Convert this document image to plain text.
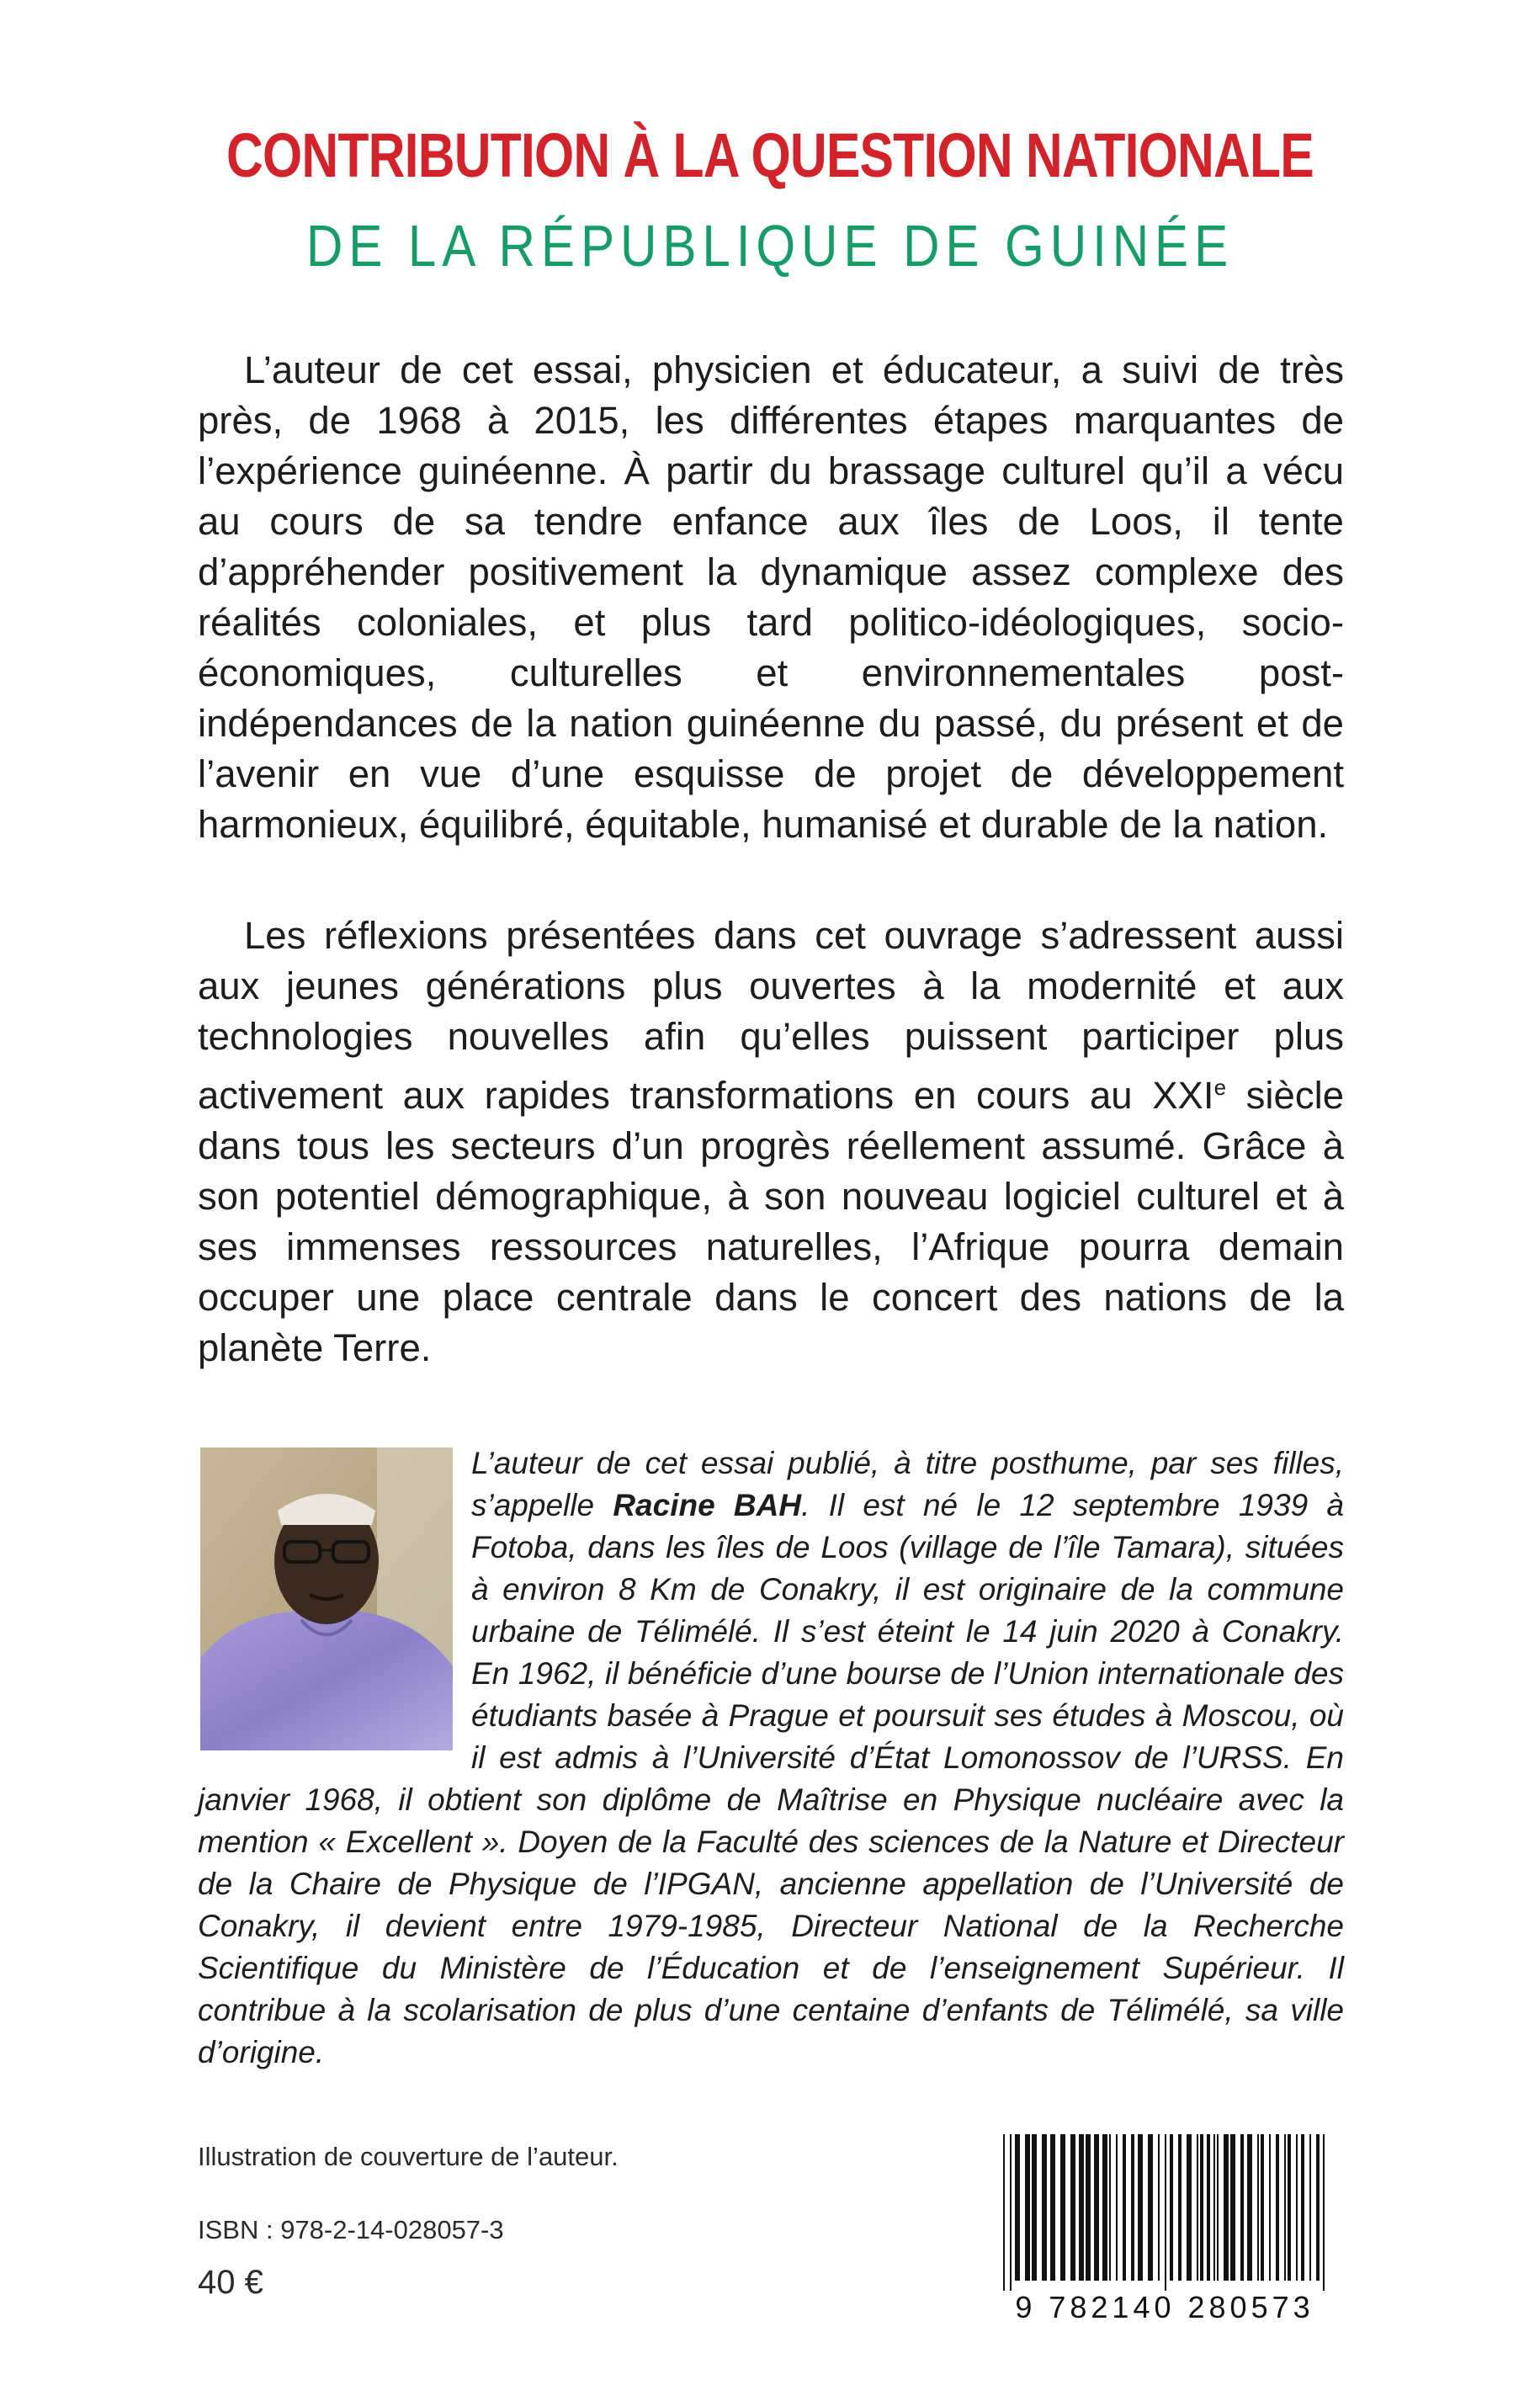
CONTRIBUTION À LA QUESTION NATIONALE
DE LA RÉPUBLIQUE DE GUINÉE

L’auteur de cet essai, physicien et éducateur, a suivi de très près, de 1968 à 2015, les différentes étapes marquantes de l’expérience guinéenne. À partir du brassage culturel qu’il a vécu au cours de sa tendre enfance aux îles de Loos, il tente d’appréhender positivement la dynamique assez complexe des réalités coloniales, et plus tard politico-idéologiques, socio-économiques, culturelles et environnementales post-indépendances de la nation guinéenne du passé, du présent et de l’avenir en vue d’une esquisse de projet de développement harmonieux, équilibré, équitable, humanisé et durable de la nation.

Les réflexions présentées dans cet ouvrage s’adressent aussi aux jeunes générations plus ouvertes à la modernité et aux technologies nouvelles afin qu’elles puissent participer plus activement aux rapides transformations en cours au XXIe siècle dans tous les secteurs d’un progrès réellement assumé. Grâce à son potentiel démographique, à son nouveau logiciel culturel et à ses immenses ressources naturelles, l’Afrique pourra demain occuper une place centrale dans le concert des nations de la planète Terre.

L’auteur de cet essai publié, à titre posthume, par ses filles, s’appelle Racine BAH. Il est né le 12 septembre 1939 à Fotoba, dans les îles de Loos (village de l’île Tamara), situées à environ 8 Km de Conakry, il est originaire de la commune urbaine de Télimélé. Il s’est éteint le 14 juin 2020 à Conakry. En 1962, il bénéficie d’une bourse de l’Union internationale des étudiants basée à Prague et poursuit ses études à Moscou, où il est admis à l’Université d’État Lomonossov de l’URSS. En janvier 1968, il obtient son diplôme de Maîtrise en Physique nucléaire avec la mention « Excellent ». Doyen de la Faculté des sciences de la Nature et Directeur de la Chaire de Physique de l’IPGAN, ancienne appellation de l’Université de Conakry, il devient entre 1979-1985, Directeur National de la Recherche Scientifique du Ministère de l’Éducation et de l’enseignement Supérieur. Il contribue à la scolarisation de plus d’une centaine d’enfants de Télimélé, sa ville d’origine.

Illustration de couverture de l’auteur.
ISBN : 978-2-14-028057-3
40 €
9 782140 280573
